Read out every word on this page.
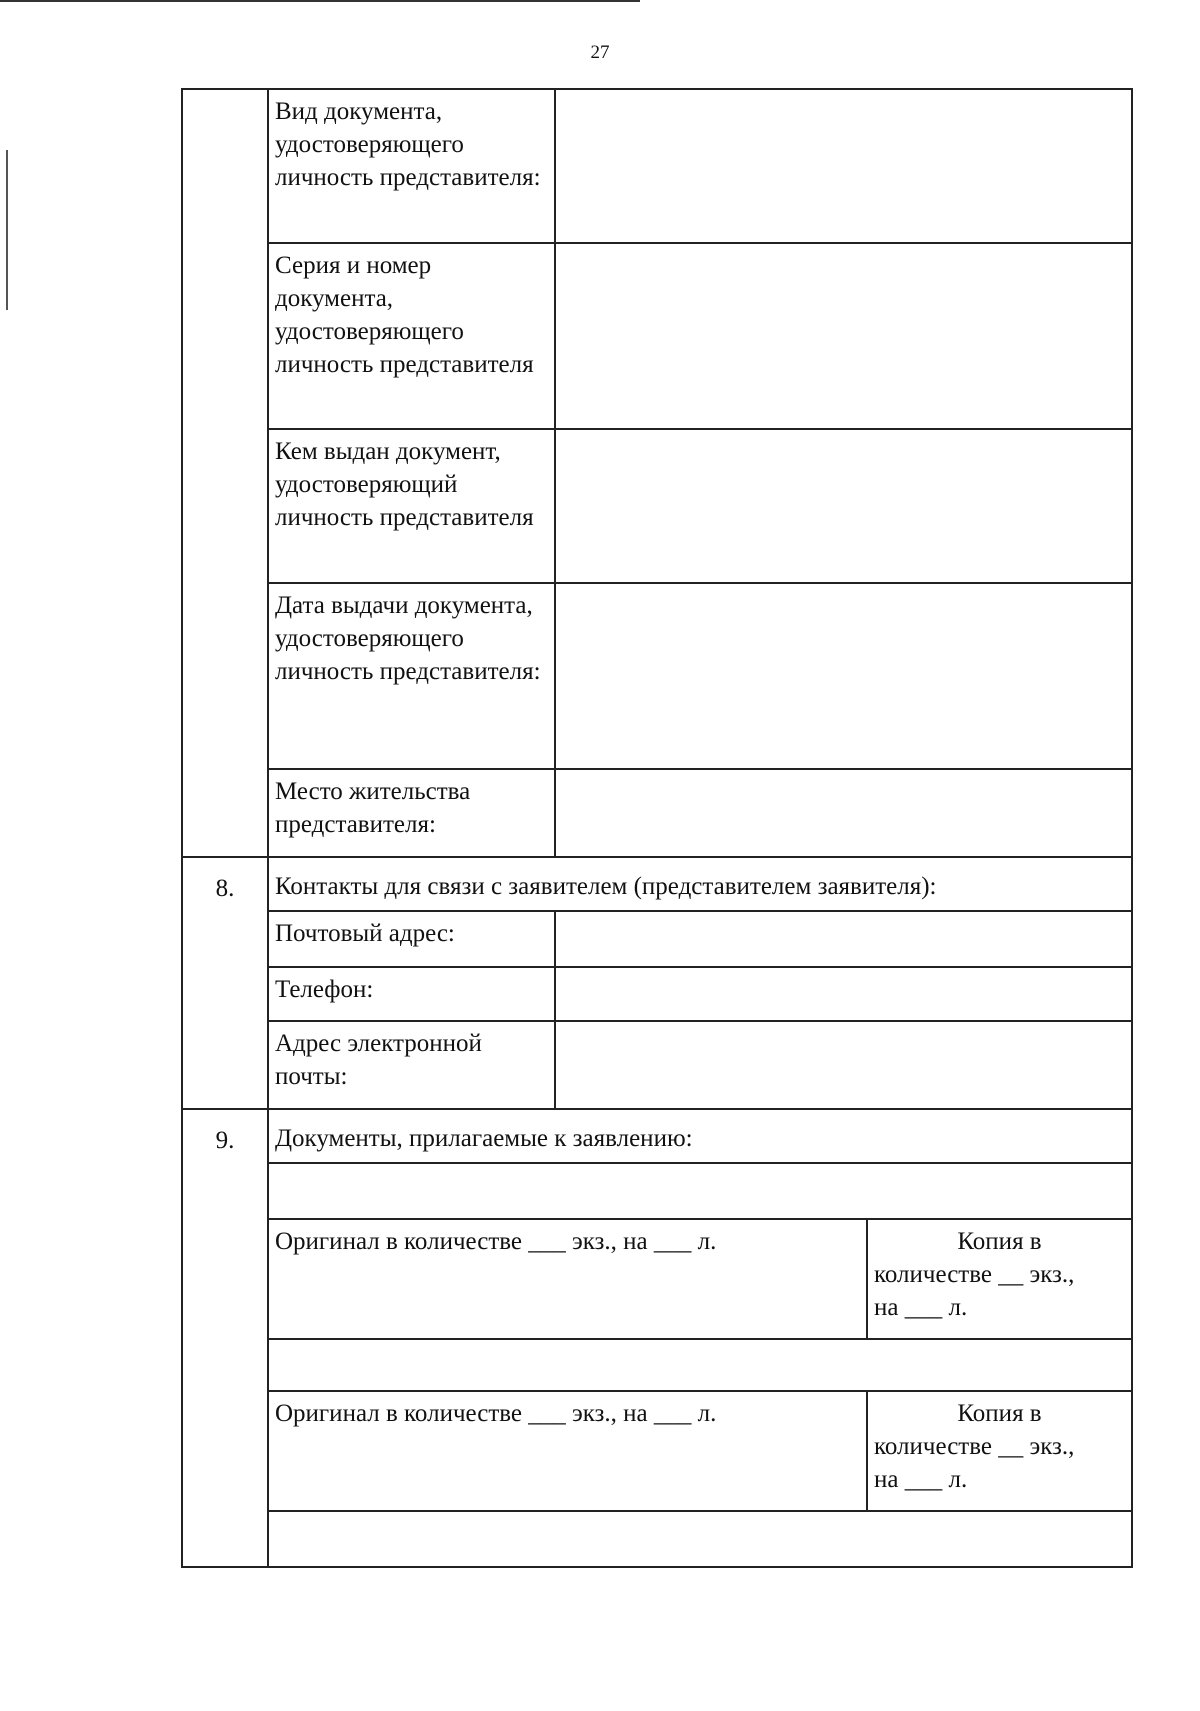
27
	Вид документа, удостоверяющего личность представителя:		
	Серия и номер документа, удостоверяющего личность представителя		
	Кем выдан документ, удостоверяющий личность представителя		
	Дата выдачи документа, удостоверяющего личность представителя:		
	Место жительства представителя:		
8.	Контакты для связи с заявителем (представителем заявителя):		
	Почтовый адрес:		
	Телефон:		
	Адрес электронной почты:		
9.	Документы, прилагаемые к заявлению:		

	Оригинал в количестве ___ экз., на ___ л.		Копия в
количестве __ экз.,
на ___ л.

	Оригинал в количестве ___ экз., на ___ л.		Копия в
количестве __ экз.,
на ___ л.
